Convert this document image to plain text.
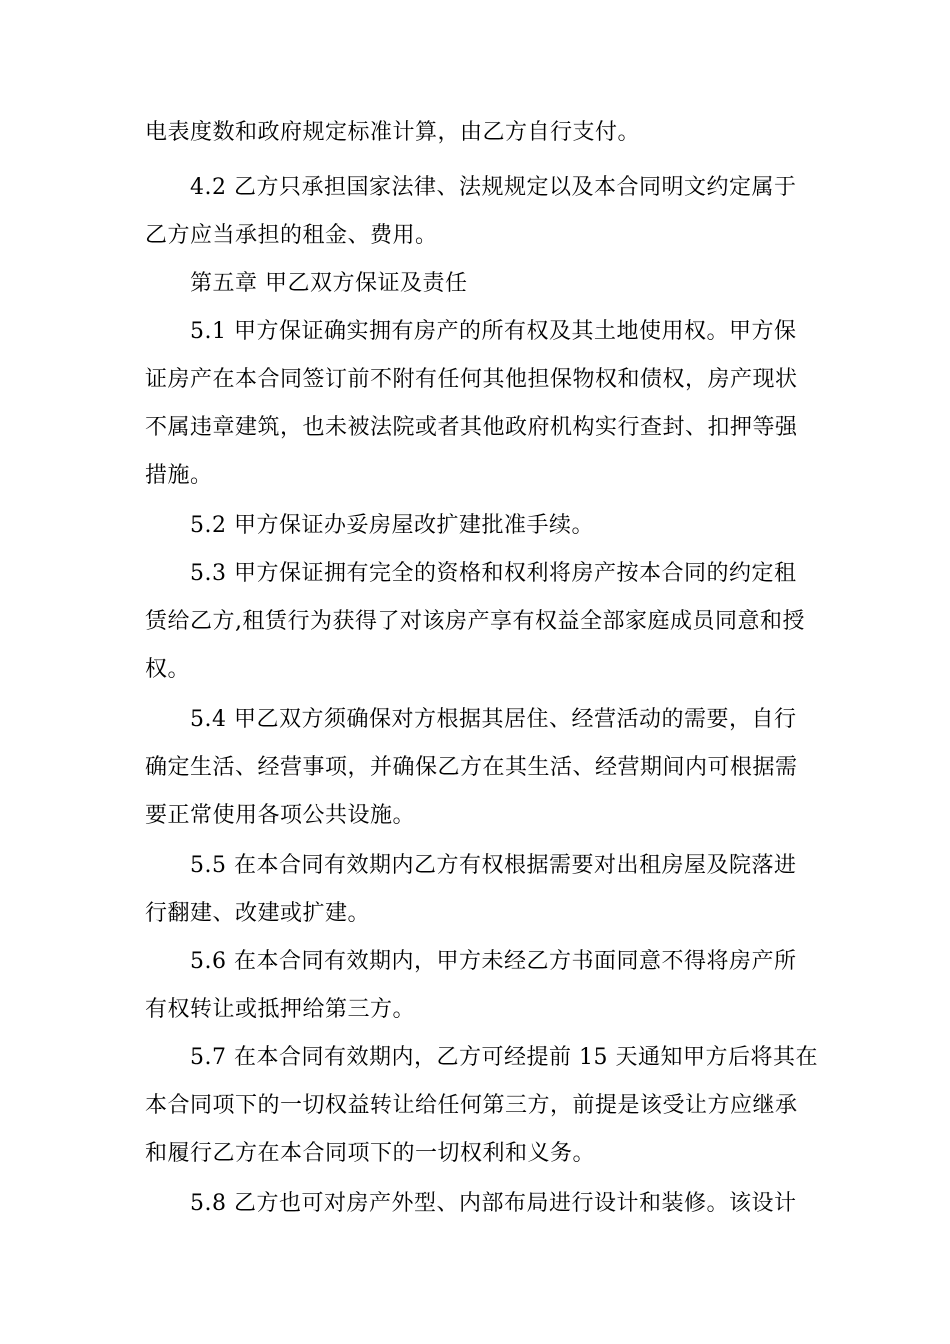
电表度数和政府规定标准计算，由乙方自行支付。
4.2 乙方只承担国家法律、法规规定以及本合同明文约定属于
乙方应当承担的租金、费用。
第五章 甲乙双方保证及责任
5.1 甲方保证确实拥有房产的所有权及其土地使用权。甲方保
证房产在本合同签订前不附有任何其他担保物权和债权，房产现状
不属违章建筑，也未被法院或者其他政府机构实行查封、扣押等强
措施。
5.2 甲方保证办妥房屋改扩建批准手续。
5.3 甲方保证拥有完全的资格和权利将房产按本合同的约定租
赁给乙方,租赁行为获得了对该房产享有权益全部家庭成员同意和授
权。
5.4 甲乙双方须确保对方根据其居住、经营活动的需要，自行
确定生活、经营事项，并确保乙方在其生活、经营期间内可根据需
要正常使用各项公共设施。
5.5 在本合同有效期内乙方有权根据需要对出租房屋及院落进
行翻建、改建或扩建。
5.6 在本合同有效期内，甲方未经乙方书面同意不得将房产所
有权转让或抵押给第三方。
5.7 在本合同有效期内，乙方可经提前 15 天通知甲方后将其在
本合同项下的一切权益转让给任何第三方，前提是该受让方应继承
和履行乙方在本合同项下的一切权利和义务。
5.8 乙方也可对房产外型、内部布局进行设计和装修。该设计
